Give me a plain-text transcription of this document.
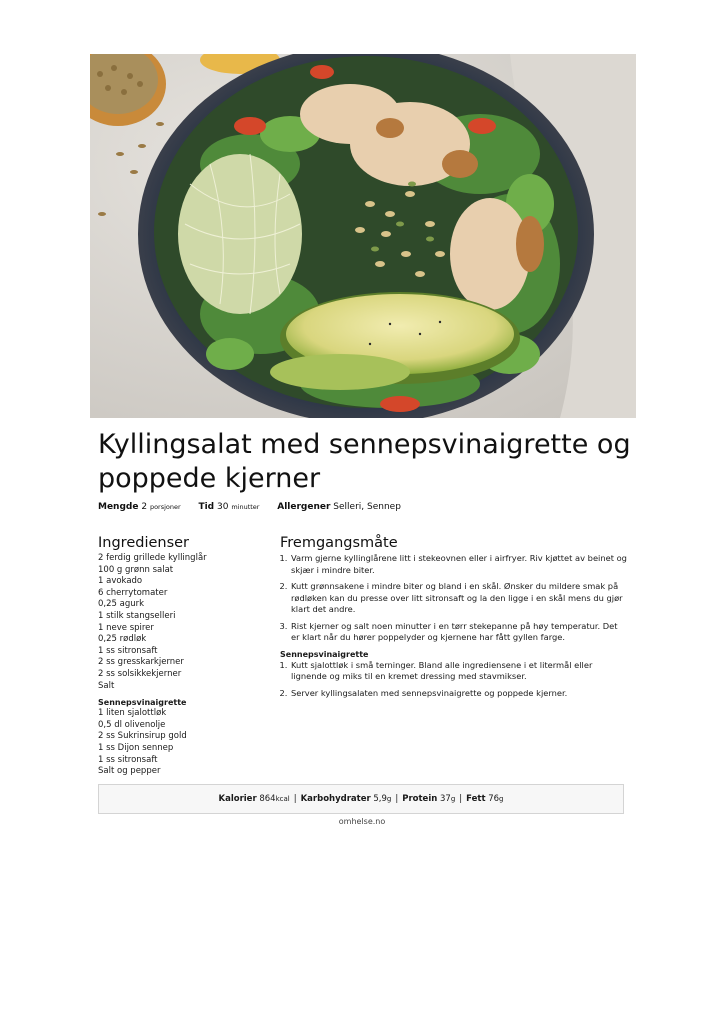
Kyllingsalat med sennepsvinaigrette og poppede kjerner
Mengde 2 porsjoner Tid 30 minutter Allergener Selleri, Sennep
Ingredienser
2 ferdig grillede kyllinglår
100 g grønn salat
1 avokado
6 cherrytomater
0,25 agurk
1 stilk stangselleri
1 neve spirer
0,25 rødløk
1 ss sitronsaft
2 ss gresskarkjerner
2 ss solsikkekjerner
Salt
Sennepsvinaigrette
1 liten sjalottløk
0,5 dl olivenolje
2 ss Sukrinsirup gold
1 ss Dijon sennep
1 ss sitronsaft
Salt og pepper
Fremgangsmåte
1. Varm gjerne kyllinglårene litt i stekeovnen eller i airfryer. Riv kjøttet av beinet og skjær i mindre biter.
2. Kutt grønnsakene i mindre biter og bland i en skål. Ønsker du mildere smak på rødløken kan du presse over litt sitronsaft og la den ligge i en skål mens du gjør klart det andre.
3. Rist kjerner og salt noen minutter i en tørr stekepanne på høy temperatur. Det er klart når du hører poppelyder og kjernene har fått gyllen farge.
Sennepsvinaigrette
1. Kutt sjalottløk i små terninger. Bland alle ingrediensene i et litermål eller lignende og miks til en kremet dressing med stavmikser.
2. Server kyllingsalaten med sennepsvinaigrette og poppede kjerner.
Kalorier
864 kcal | Karbohydrater
5,9 g | Protein
37 g | Fett
76 g
omhelse.no
